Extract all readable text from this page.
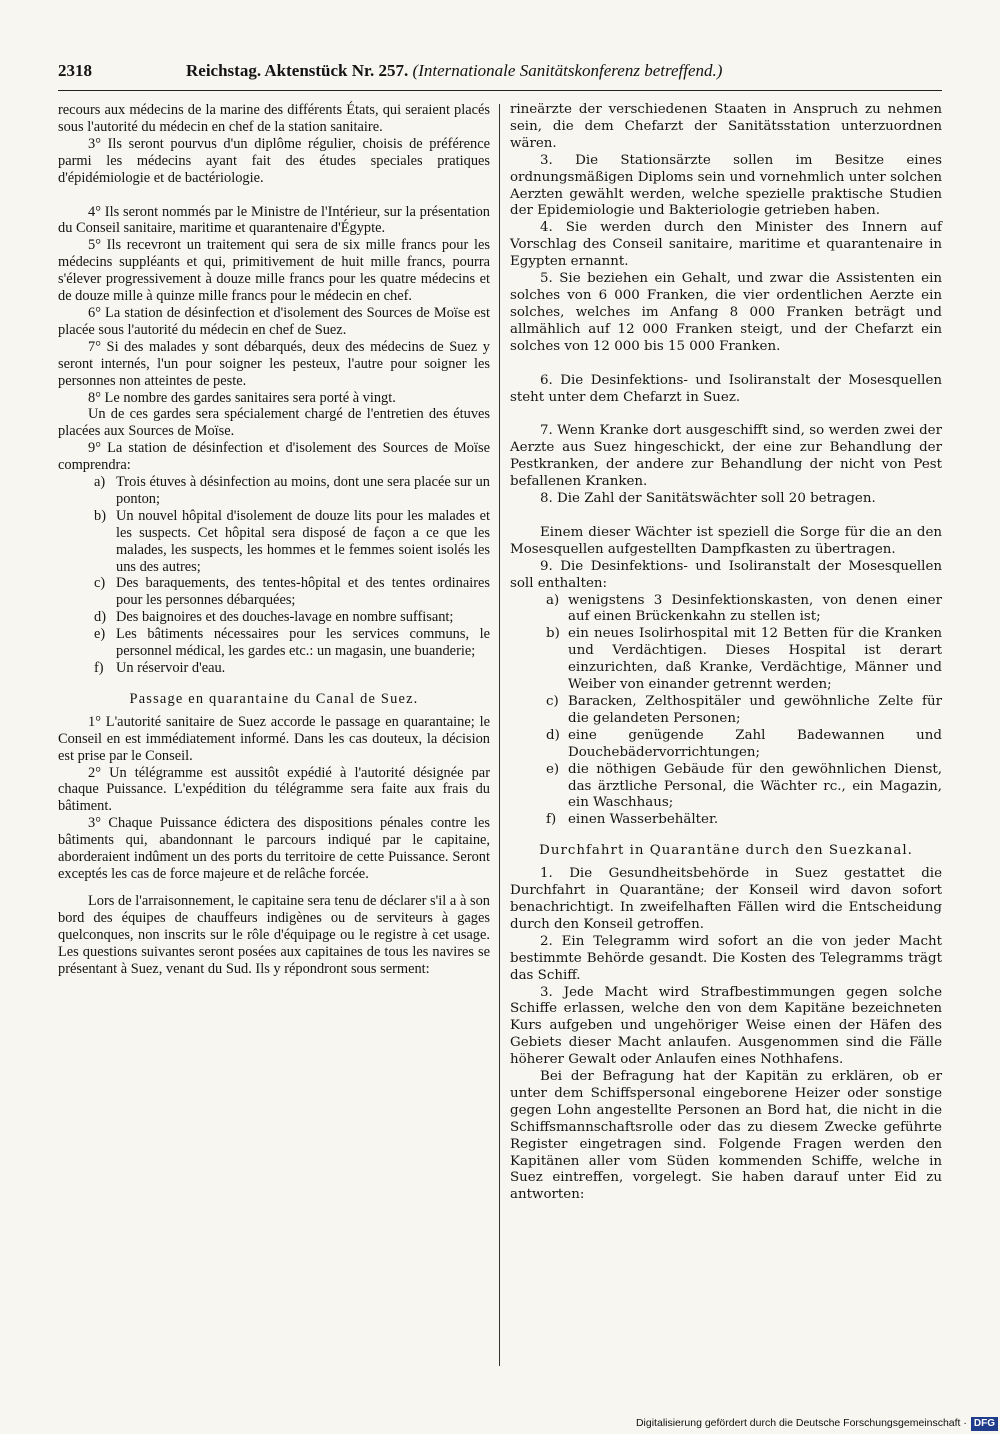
2318	Reichstag. Aktenstück Nr. 257. (Internationale Sanitätskonferenz betreffend.)

recours aux médecins de la marine des différents États, qui seraient placés sous l'autorité du médecin en chef de la station sanitaire.

3° Ils seront pourvus d'un diplôme régulier, choisis de préférence parmi les médecins ayant fait des études speciales pratiques d'épidémiologie et de bactériologie.

4° Ils seront nommés par le Ministre de l'Intérieur, sur la présentation du Conseil sanitaire, maritime et quarantenaire d'Égypte.

5° Ils recevront un traitement qui sera de six mille francs pour les médecins suppléants et qui, primitivement de huit mille francs, pourra s'élever progressivement à douze mille francs pour les quatre médecins et de douze mille à quinze mille francs pour le médecin en chef.

6° La station de désinfection et d'isolement des Sources de Moïse est placée sous l'autorité du médecin en chef de Suez.

7° Si des malades y sont débarqués, deux des médecins de Suez y seront internés, l'un pour soigner les pesteux, l'autre pour soigner les personnes non atteintes de peste.

8° Le nombre des gardes sanitaires sera porté à vingt.

Un de ces gardes sera spécialement chargé de l'entretien des étuves placées aux Sources de Moïse.

9° La station de désinfection et d'isolement des Sources de Moïse comprendra:

a) Trois étuves à désinfection au moins, dont une sera placée sur un ponton;
b) Un nouvel hôpital d'isolement de douze lits pour les malades et les suspects. Cet hôpital sera disposé de façon a ce que les malades, les suspects, les hommes et le femmes soient isolés les uns des autres;
c) Des baraquements, des tentes-hôpital et des tentes ordinaires pour les personnes débarquées;
d) Des baignoires et des douches-lavage en nombre suffisant;
e) Les bâtiments nécessaires pour les services communs, le personnel médical, les gardes etc.: un magasin, une buanderie;
f) Un réservoir d'eau.
Passage en quarantaine du Canal de Suez.

1° L'autorité sanitaire de Suez accorde le passage en quarantaine; le Conseil en est immédiatement informé. Dans les cas douteux, la décision est prise par le Conseil.

2° Un télégramme est aussitôt expédié à l'autorité désignée par chaque Puissance. L'expédition du télégramme sera faite aux frais du bâtiment.

3° Chaque Puissance édictera des dispositions pénales contre les bâtiments qui, abandonnant le parcours indiqué par le capitaine, aborderaient indûment un des ports du territoire de cette Puissance. Seront exceptés les cas de force majeure et de relâche forcée.

Lors de l'arraisonnement, le capitaine sera tenu de déclarer s'il a à son bord des équipes de chauffeurs indigènes ou de serviteurs à gages quelconques, non inscrits sur le rôle d'équipage ou le registre à cet usage. Les questions suivantes seront posées aux capitaines de tous les navires se présentant à Suez, venant du Sud. Ils y répondront sous serment:

rineärzte der verschiedenen Staaten in Anspruch zu nehmen sein, die dem Chefarzt der Sanitätsstation unterzuordnen wären.

3. Die Stationsärzte sollen im Besitze eines ordnungsmäßigen Diploms sein und vornehmlich unter solchen Aerzten gewählt werden, welche spezielle praktische Studien der Epidemiologie und Bakteriologie getrieben haben.

4. Sie werden durch den Minister des Innern auf Vorschlag des Conseil sanitaire, maritime et quarantenaire in Egypten ernannt.

5. Sie beziehen ein Gehalt, und zwar die Assistenten ein solches von 6 000 Franken, die vier ordentlichen Aerzte ein solches, welches im Anfang 8 000 Franken beträgt und allmählich auf 12 000 Franken steigt, und der Chefarzt ein solches von 12 000 bis 15 000 Franken.

6. Die Desinfektions- und Isoliranstalt der Mosesquellen steht unter dem Chefarzt in Suez.

7. Wenn Kranke dort ausgeschifft sind, so werden zwei der Aerzte aus Suez hingeschickt, der eine zur Behandlung der Pestkranken, der andere zur Behandlung der nicht von Pest befallenen Kranken.

8. Die Zahl der Sanitätswächter soll 20 betragen.

Einem dieser Wächter ist speziell die Sorge für die an den Mosesquellen aufgestellten Dampfkasten zu übertragen.

9. Die Desinfektions- und Isoliranstalt der Mosesquellen soll enthalten:

a) wenigstens 3 Desinfektionskasten, von denen einer auf einen Brückenkahn zu stellen ist;
b) ein neues Isolirhospital mit 12 Betten für die Kranken und Verdächtigen. Dieses Hospital ist derart einzurichten, daß Kranke, Verdächtige, Männer und Weiber von einander getrennt werden;
c) Baracken, Zelthospitäler und gewöhnliche Zelte für die gelandeten Personen;
d) eine genügende Zahl Badewannen und Douchebädervorrichtungen;
e) die nöthigen Gebäude für den gewöhnlichen Dienst, das ärztliche Personal, die Wächter rc., ein Magazin, ein Waschhaus;
f) einen Wasserbehälter.
Durchfahrt in Quarantäne durch den Suezkanal.

1. Die Gesundheitsbehörde in Suez gestattet die Durchfahrt in Quarantäne; der Konseil wird davon sofort benachrichtigt. In zweifelhaften Fällen wird die Entscheidung durch den Konseil getroffen.

2. Ein Telegramm wird sofort an die von jeder Macht bestimmte Behörde gesandt. Die Kosten des Telegramms trägt das Schiff.

3. Jede Macht wird Strafbestimmungen gegen solche Schiffe erlassen, welche den von dem Kapitäne bezeichneten Kurs aufgeben und ungehöriger Weise einen der Häfen des Gebiets dieser Macht anlaufen. Ausgenommen sind die Fälle höherer Gewalt oder Anlaufen eines Nothhafens.

Bei der Befragung hat der Kapitän zu erklären, ob er unter dem Schiffspersonal eingeborene Heizer oder sonstige gegen Lohn angestellte Personen an Bord hat, die nicht in die Schiffsmannschaftsrolle oder das zu diesem Zwecke geführte Register eingetragen sind. Folgende Fragen werden den Kapitänen aller vom Süden kommenden Schiffe, welche in Suez eintreffen, vorgelegt. Sie haben darauf unter Eid zu antworten:

Digitalisierung gefördert durch die Deutsche Forschungsgemeinschaft · DFG
